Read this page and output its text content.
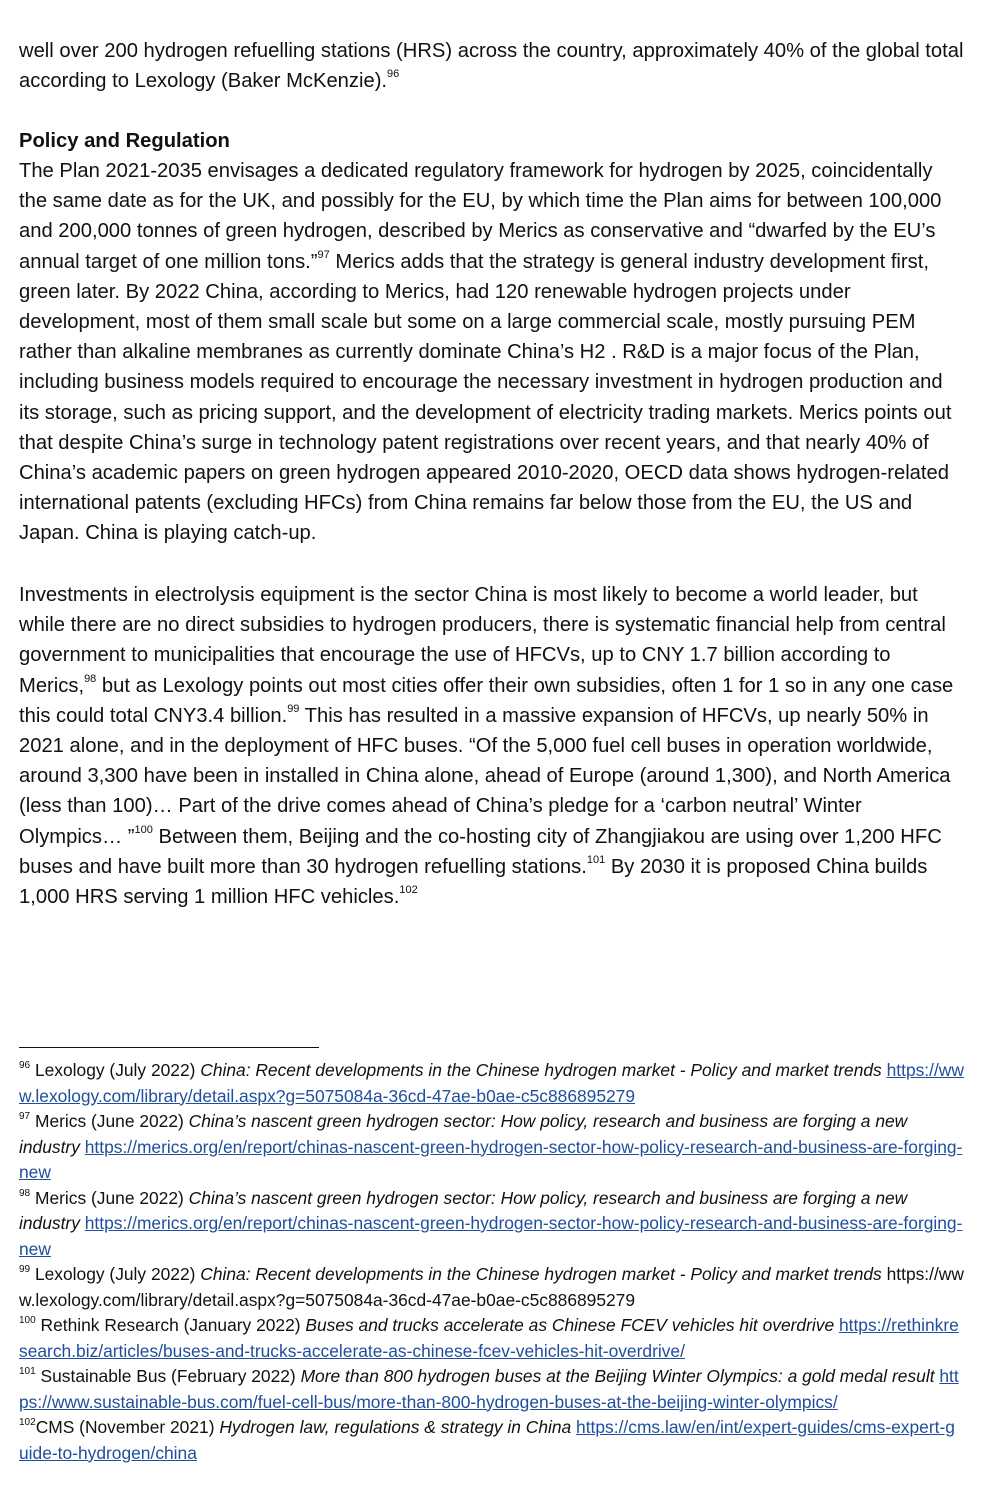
well over 200 hydrogen refuelling stations (HRS) across the country, approximately 40% of the global total according to Lexology (Baker McKenzie).$^{96}$

Policy and Regulation

The Plan 2021-2035 envisages a dedicated regulatory framework for hydrogen by 2025, coincidentally the same date as for the UK, and possibly for the EU, by which time the Plan aims for between 100,000 and 200,000 tonnes of green hydrogen, described by Merics as conservative and “dwarfed by the EU’s annual target of one million tons.”$^{97}$ Merics adds that the strategy is general industry development first, green later. By 2022 China, according to Merics, had 120 renewable hydrogen projects under development, most of them small scale but some on a large commercial scale, mostly pursuing PEM rather than alkaline membranes as currently dominate China’s H2 . R&D is a major focus of the Plan, including business models required to encourage the necessary investment in hydrogen production and its storage, such as pricing support, and the development of electricity trading markets. Merics points out that despite China’s surge in technology patent registrations over recent years, and that nearly 40% of China’s academic papers on green hydrogen appeared 2010-2020, OECD data shows hydrogen-related international patents (excluding HFCs) from China remains far below those from the EU, the US and Japan. China is playing catch-up.

Investments in electrolysis equipment is the sector China is most likely to become a world leader, but while there are no direct subsidies to hydrogen producers, there is systematic financial help from central government to municipalities that encourage the use of HFCVs, up to CNY 1.7 billion according to Merics,$^{98}$ but as Lexology points out most cities offer their own subsidies, often 1 for 1 so in any one case this could total CNY3.4 billion.$^{99}$ This has resulted in a massive expansion of HFCVs, up nearly 50% in 2021 alone, and in the deployment of HFC buses. “Of the 5,000 fuel cell buses in operation worldwide, around 3,300 have been in installed in China alone, ahead of Europe (around 1,300), and North America (less than 100)… Part of the drive comes ahead of China’s pledge for a ‘carbon neutral’ Winter Olympics… ”$^{100}$ Between them, Beijing and the co-hosting city of Zhangjiakou are using over 1,200 HFC buses and have built more than 30 hydrogen refuelling stations.$^{101}$ By 2030 it is proposed China builds 1,000 HRS serving 1 million HFC vehicles.$^{102}$

$^{96}$ Lexology (July 2022) China: Recent developments in the Chinese hydrogen market - Policy and market trends https://www.lexology.com/library/detail.aspx?g=5075084a-36cd-47ae-b0ae-c5c886895279

$^{97}$ Merics (June 2022) China’s nascent green hydrogen sector: How policy, research and business are forging a new industry https://merics.org/en/report/chinas-nascent-green-hydrogen-sector-how-policy-research-and-business-are-forging-new

$^{98}$ Merics (June 2022) China’s nascent green hydrogen sector: How policy, research and business are forging a new industry https://merics.org/en/report/chinas-nascent-green-hydrogen-sector-how-policy-research-and-business-are-forging-new

$^{99}$ Lexology (July 2022) China: Recent developments in the Chinese hydrogen market - Policy and market trends https://www.lexology.com/library/detail.aspx?g=5075084a-36cd-47ae-b0ae-c5c886895279

$^{100}$ Rethink Research (January 2022) Buses and trucks accelerate as Chinese FCEV vehicles hit overdrive https://rethinkresearch.biz/articles/buses-and-trucks-accelerate-as-chinese-fcev-vehicles-hit-overdrive/

$^{101}$ Sustainable Bus (February 2022) More than 800 hydrogen buses at the Beijing Winter Olympics: a gold medal result https://www.sustainable-bus.com/fuel-cell-bus/more-than-800-hydrogen-buses-at-the-beijing-winter-olympics/

$^{102}$CMS (November 2021) Hydrogen law, regulations & strategy in China https://cms.law/en/int/expert-guides/cms-expert-guide-to-hydrogen/china
